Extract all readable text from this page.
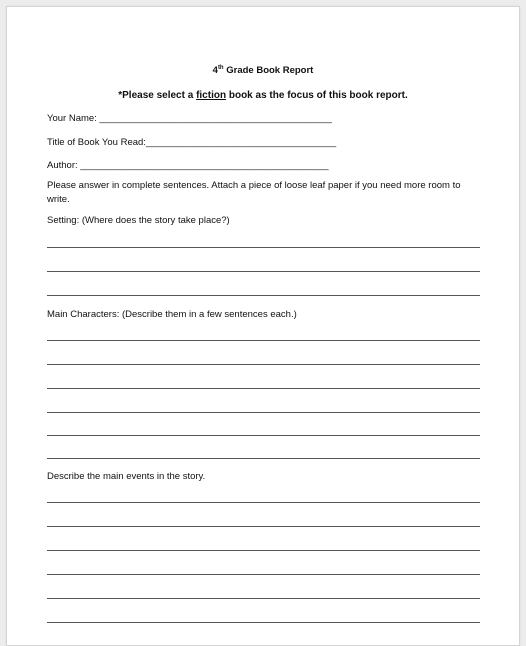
4th Grade Book Report
*Please select a fiction book as the focus of this book report.
Your Name: ____________________________________________
Title of Book You Read:____________________________________
Author: _______________________________________________
Please answer in complete sentences. Attach a piece of loose leaf paper if you need more room to write.
Setting: (Where does the story take place?)
Main Characters: (Describe them in a few sentences each.)
Describe the main events in the story.
